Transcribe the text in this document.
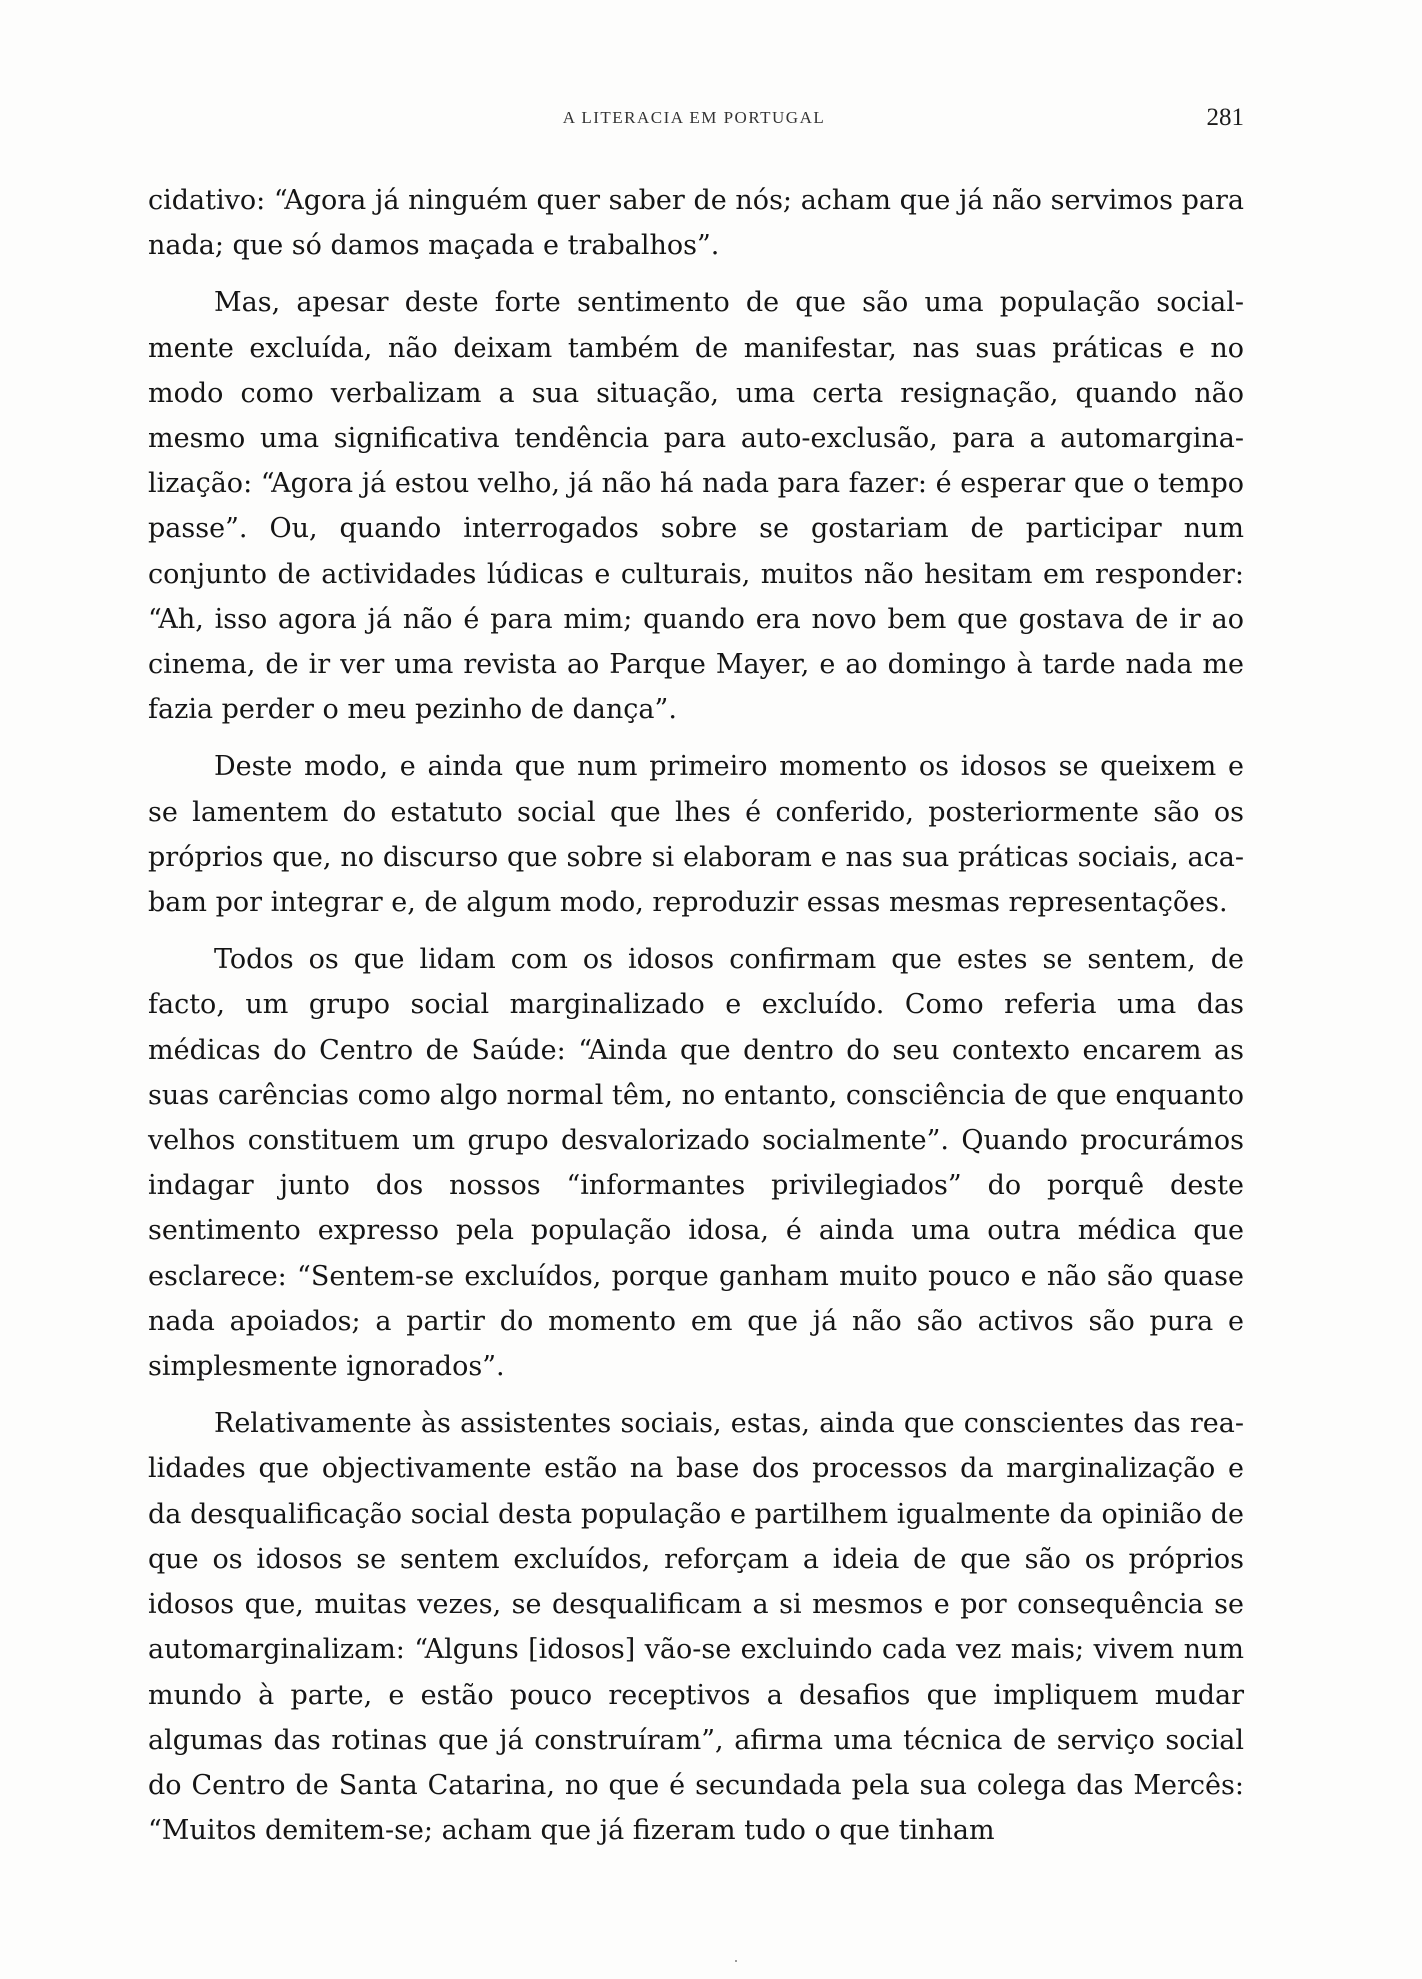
A LITERACIA EM PORTUGAL	281

cidativo: “Agora já ninguém quer saber de nós; acham que já não servimos para nada; que só damos maçada e trabalhos”.

Mas, apesar deste forte sentimento de que são uma população socialmente excluída, não deixam também de manifestar, nas suas práticas e no modo como verbalizam a sua situação, uma certa resignação, quando não mesmo uma significativa tendência para auto-exclusão, para a automarginalização: “Agora já estou velho, já não há nada para fazer: é esperar que o tempo passe”. Ou, quando interrogados sobre se gostariam de participar num conjunto de actividades lúdicas e culturais, muitos não hesitam em responder: “Ah, isso agora já não é para mim; quando era novo bem que gostava de ir ao cinema, de ir ver uma revista ao Parque Mayer, e ao domingo à tarde nada me fazia perder o meu pezinho de dança”.

Deste modo, e ainda que num primeiro momento os idosos se queixem e se lamentem do estatuto social que lhes é conferido, posteriormente são os próprios que, no discurso que sobre si elaboram e nas sua práticas sociais, acabam por integrar e, de algum modo, reproduzir essas mesmas representações.

Todos os que lidam com os idosos confirmam que estes se sentem, de facto, um grupo social marginalizado e excluído. Como referia uma das médicas do Centro de Saúde: “Ainda que dentro do seu contexto encarem as suas carências como algo normal têm, no entanto, consciência de que enquanto velhos constituem um grupo desvalorizado socialmente”. Quando procurámos indagar junto dos nossos “informantes privilegiados” do porquê deste sentimento expresso pela população idosa, é ainda uma outra médica que esclarece: “Sentem-se excluídos, porque ganham muito pouco e não são quase nada apoiados; a partir do momento em que já não são activos são pura e simplesmente ignorados”.

Relativamente às assistentes sociais, estas, ainda que conscientes das realidades que objectivamente estão na base dos processos da marginalização e da desqualificação social desta população e partilhem igualmente da opinião de que os idosos se sentem excluídos, reforçam a ideia de que são os próprios idosos que, muitas vezes, se desqualificam a si mesmos e por consequência se automarginalizam: “Alguns [idosos] vão-se excluindo cada vez mais; vivem num mundo à parte, e estão pouco receptivos a desafios que impliquem mudar algumas das rotinas que já construíram”, afirma uma técnica de serviço social do Centro de Santa Catarina, no que é secundada pela sua colega das Mercês: “Muitos demitem-se; acham que já fizeram tudo o que tinham
